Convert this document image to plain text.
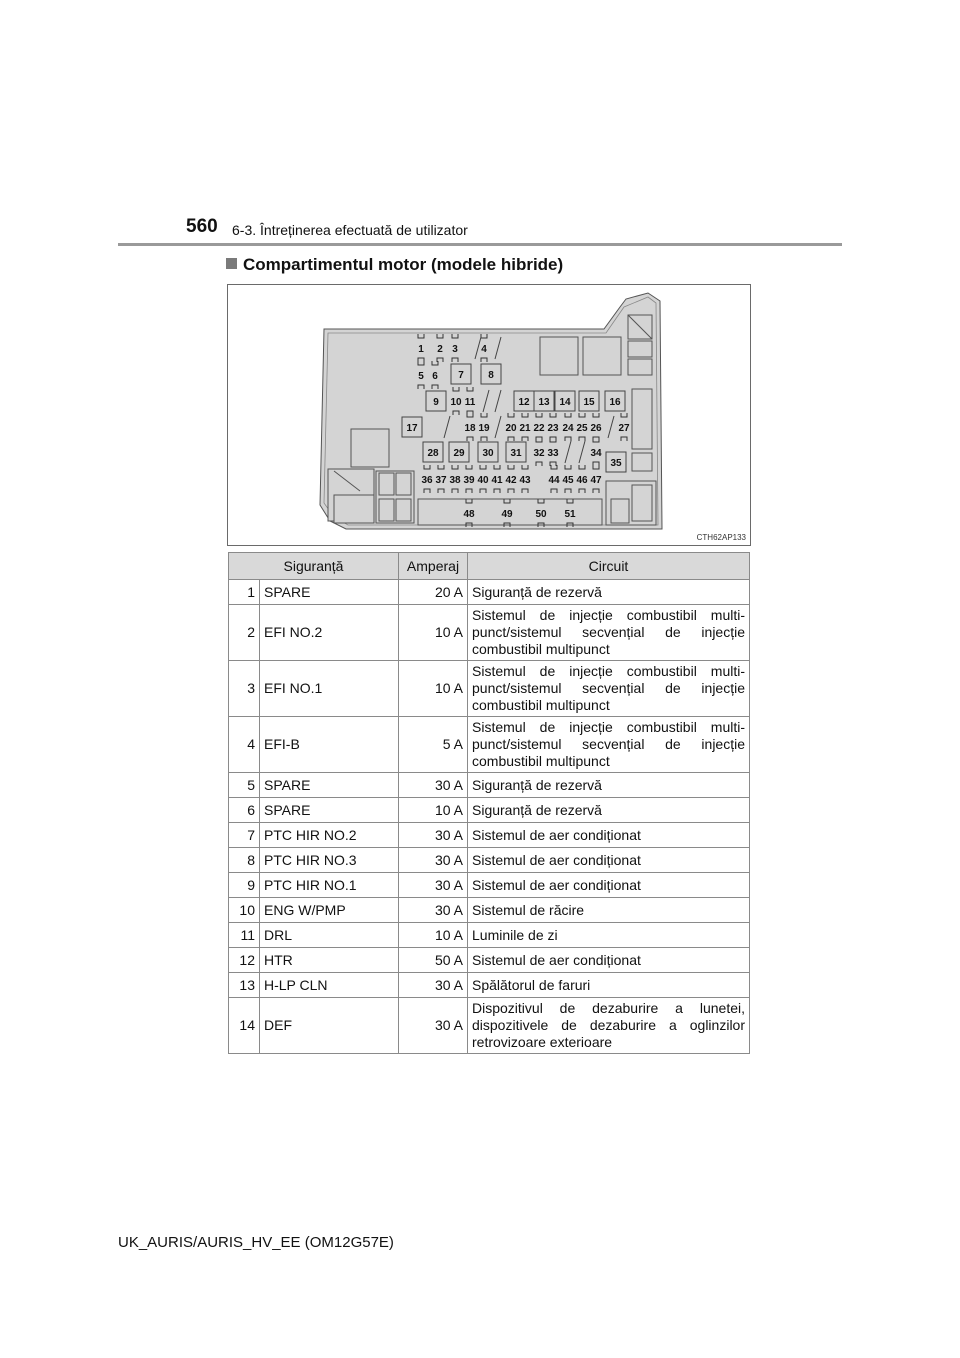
560 6-3. Întreținerea efectuată de utilizator
Compartimentul motor (modele hibride)
1 2 3 4
5 6 7 8
9 10 11	12 13 14 15 16
17	18 19 20 21 22 23 24 25 26 27
28 29 30 31 32 33	34
35
36 37 38 39 40 41 42 43 44 45 46 47
48	49 50 51
CTH62AP133
Siguranță		Amperaj	Circuit
1	SPARE	20 A	Siguranță de rezervă
2	EFI NO.2	10 A	Sistemul de injecție combustibil multi-punct/sistemul secvențial de injecție combustibil multipunct
3	EFI NO.1	10 A	Sistemul de injecție combustibil multi-punct/sistemul secvențial de injecție combustibil multipunct
4	EFI-B	5 A	Sistemul de injecție combustibil multi-punct/sistemul secvențial de injecție combustibil multipunct
5	SPARE	30 A	Siguranță de rezervă
6	SPARE	10 A	Siguranță de rezervă
7	PTC HIR NO.2	30 A	Sistemul de aer condiționat
8	PTC HIR NO.3	30 A	Sistemul de aer condiționat
9	PTC HIR NO.1	30 A	Sistemul de aer condiționat
10	ENG W/PMP	30 A	Sistemul de răcire
11	DRL	10 A	Luminile de zi
12	HTR	50 A	Sistemul de aer condiționat
13	H-LP CLN	30 A	Spălătorul de faruri
14	DEF	30 A	Dispozitivul de dezaburire a lunetei, dispozitivele de dezaburire a oglinzilor retrovizoare exterioare
UK_AURIS/AURIS_HV_EE (OM12G57E)
